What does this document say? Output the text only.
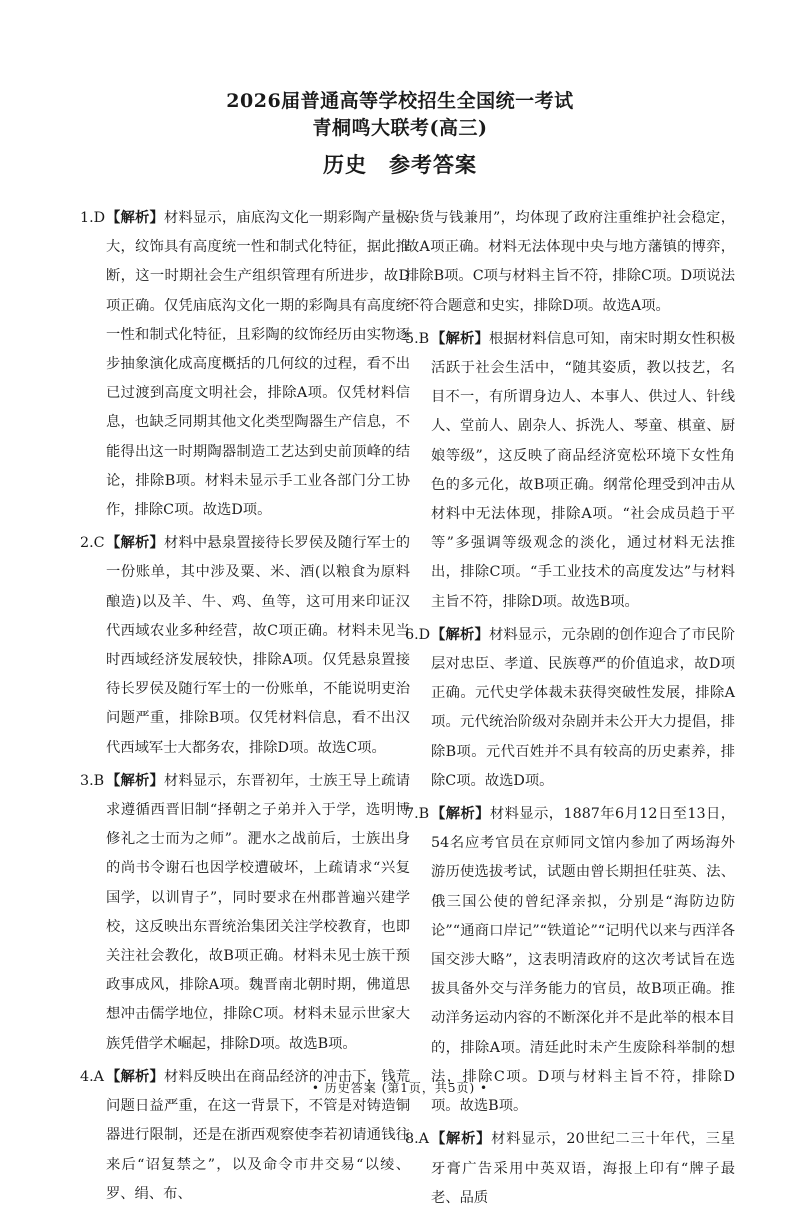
2026届普通高等学校招生全国统一考试
青桐鸣大联考(高三)
历史 参考答案
1.D 【解析】材料显示，庙底沟文化一期彩陶产量极大，纹饰具有高度统一性和制式化特征，据此推断，这一时期社会生产组织管理有所进步，故D项正确。仅凭庙底沟文化一期的彩陶具有高度统一性和制式化特征，且彩陶的纹饰经历由实物逐步抽象演化成高度概括的几何纹的过程，看不出已过渡到高度文明社会，排除A项。仅凭材料信息，也缺乏同期其他文化类型陶器生产信息，不能得出这一时期陶器制造工艺达到史前顶峰的结论，排除B项。材料未显示手工业各部门分工协作，排除C项。故选D项。
2.C 【解析】材料中悬泉置接待长罗侯及随行军士的一份账单，其中涉及粟、米、酒(以粮食为原料酿造)以及羊、牛、鸡、鱼等，这可用来印证汉代西域农业多种经营，故C项正确。材料未见当时西域经济发展较快，排除A项。仅凭悬泉置接待长罗侯及随行军士的一份账单，不能说明吏治问题严重，排除B项。仅凭材料信息，看不出汉代西域军士大都务农，排除D项。故选C项。
3.B 【解析】材料显示，东晋初年，士族王导上疏请求遵循西晋旧制“择朝之子弟并入于学，选明博修礼之士而为之师”。淝水之战前后，士族出身的尚书令谢石也因学校遭破坏，上疏请求“兴复国学，以训胄子”，同时要求在州郡普遍兴建学校，这反映出东晋统治集团关注学校教育，也即关注社会教化，故B项正确。材料未见士族干预政事成风，排除A项。魏晋南北朝时期，佛道思想冲击儒学地位，排除C项。材料未显示世家大族凭借学术崛起，排除D项。故选B项。
4.A 【解析】材料反映出在商品经济的冲击下，钱荒问题日益严重，在这一背景下，不管是对铸造铜器进行限制，还是在浙西观察使李若初请通钱往来后“诏复禁之”，以及命令市井交易“以绫、罗、绢、布、
杂货与钱兼用”，均体现了政府注重维护社会稳定，故A项正确。材料无法体现中央与地方藩镇的博弈，排除B项。C项与材料主旨不符，排除C项。D项说法不符合题意和史实，排除D项。故选A项。
5.B 【解析】根据材料信息可知，南宋时期女性积极活跃于社会生活中，“随其姿质，教以技艺，名目不一，有所谓身边人、本事人、供过人、针线人、堂前人、剧杂人、拆洗人、琴童、棋童、厨娘等级”，这反映了商品经济宽松环境下女性角色的多元化，故B项正确。纲常伦理受到冲击从材料中无法体现，排除A项。“社会成员趋于平等”多强调等级观念的淡化，通过材料无法推出，排除C项。“手工业技术的高度发达”与材料主旨不符，排除D项。故选B项。
6.D 【解析】材料显示，元杂剧的创作迎合了市民阶层对忠臣、孝道、民族尊严的价值追求，故D项正确。元代史学体裁未获得突破性发展，排除A项。元代统治阶级对杂剧并未公开大力提倡，排除B项。元代百姓并不具有较高的历史素养，排除C项。故选D项。
7.B 【解析】材料显示，1887年6月12日至13日，54名应考官员在京师同文馆内参加了两场海外游历使选拔考试，试题由曾长期担任驻英、法、俄三国公使的曾纪泽亲拟，分别是“海防边防论”“通商口岸记”“铁道论”“记明代以来与西洋各国交涉大略”，这表明清政府的这次考试旨在选拔具备外交与洋务能力的官员，故B项正确。推动洋务运动内容的不断深化并不是此举的根本目的，排除A项。清廷此时未产生废除科举制的想法，排除C项。D项与材料主旨不符，排除D项。故选B项。
8.A 【解析】材料显示，20世纪二三十年代，三星牙膏广告采用中英双语，海报上印有“牌子最老、品质
• 历史答案 (第1页，共5页) •
